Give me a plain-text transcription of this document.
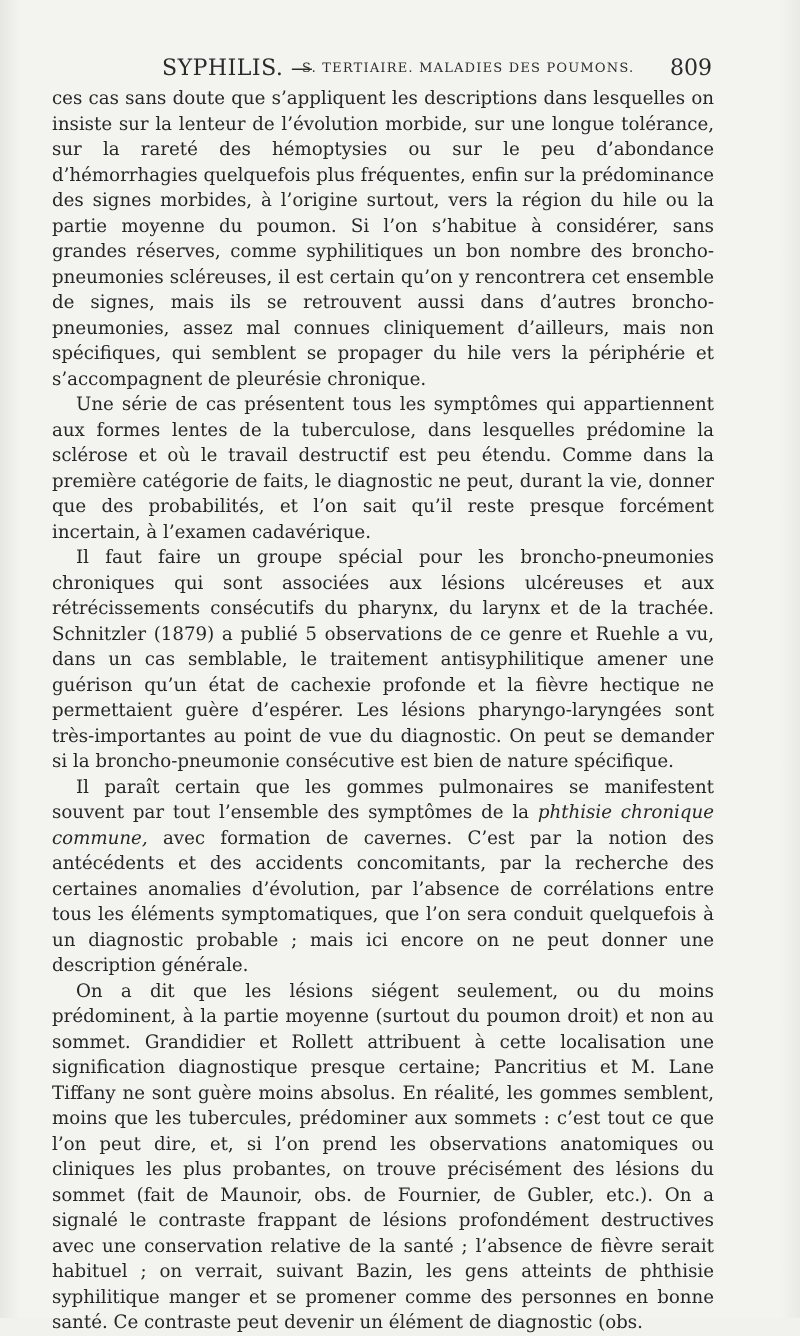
SYPHILIS. —
S. TERTIAIRE. MALADIES DES POUMONS. 809

ces cas sans doute que s’appliquent les descriptions dans lesquelles on insiste sur la lenteur de l’évolution morbide, sur une longue tolérance, sur la rareté des hémoptysies ou sur le peu d’abondance d’hémorrhagies quelquefois plus fréquentes, enfin sur la prédominance des signes morbides, à l’origine surtout, vers la région du hile ou la partie moyenne du poumon. Si l’on s’habitue à considérer, sans grandes réserves, comme syphilitiques un bon nombre des broncho-pneumonies scléreuses, il est certain qu’on y rencontrera cet ensemble de signes, mais ils se retrouvent aussi dans d’autres broncho-pneumonies, assez mal connues cliniquement d’ailleurs, mais non spécifiques, qui semblent se propager du hile vers la périphérie et s’accompagnent de pleurésie chronique.

Une série de cas présentent tous les symptômes qui appartiennent aux formes lentes de la tuberculose, dans lesquelles prédomine la sclérose et où le travail destructif est peu étendu. Comme dans la première catégorie de faits, le diagnostic ne peut, durant la vie, donner que des probabilités, et l’on sait qu’il reste presque forcément incertain, à l’examen cadavérique.

Il faut faire un groupe spécial pour les broncho-pneumonies chroniques qui sont associées aux lésions ulcéreuses et aux rétrécissements consécutifs du pharynx, du larynx et de la trachée. Schnitzler (1879) a publié 5 observations de ce genre et Ruehle a vu, dans un cas semblable, le traitement antisyphilitique amener une guérison qu’un état de cachexie profonde et la fièvre hectique ne permettaient guère d’espérer. Les lésions pharyngo-laryngées sont très-importantes au point de vue du diagnostic. On peut se demander si la broncho-pneumonie consécutive est bien de nature spécifique.

Il paraît certain que les gommes pulmonaires se manifestent souvent par tout l’ensemble des symptômes de la phthisie chronique commune, avec formation de cavernes. C’est par la notion des antécédents et des accidents concomitants, par la recherche des certaines anomalies d’évolution, par l’absence de corrélations entre tous les éléments symptomatiques, que l’on sera conduit quelquefois à un diagnostic probable ; mais ici encore on ne peut donner une description générale.

On a dit que les lésions siégent seulement, ou du moins prédominent, à la partie moyenne (surtout du poumon droit) et non au sommet. Grandidier et Rollett attribuent à cette localisation une signification diagnostique presque certaine; Pancritius et M. Lane Tiffany ne sont guère moins absolus. En réalité, les gommes semblent, moins que les tubercules, prédominer aux sommets : c’est tout ce que l’on peut dire, et, si l’on prend les observations anatomiques ou cliniques les plus probantes, on trouve précisément des lésions du sommet (fait de Maunoir, obs. de Fournier, de Gubler, etc.). On a signalé le contraste frappant de lésions profondément destructives avec une conservation relative de la santé ; l’absence de fièvre serait habituel ; on verrait, suivant Bazin, les gens atteints de phthisie syphilitique manger et se promener comme des personnes en bonne santé. Ce contraste peut devenir un élément de diagnostic (obs.
